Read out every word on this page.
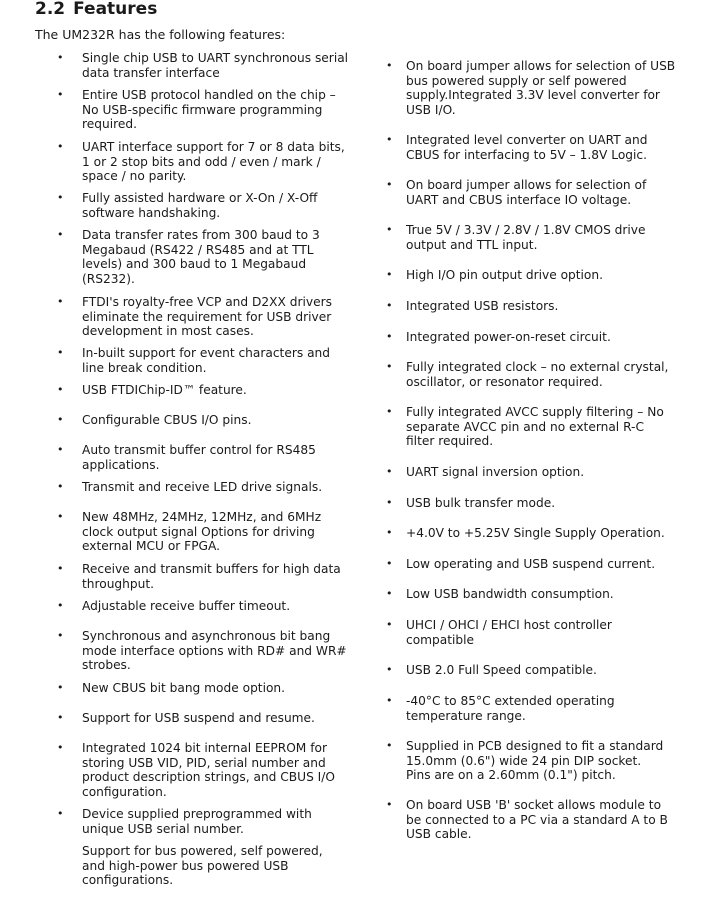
2.2 Features
The UM232R has the following features:
• Single chip USB to UART synchronous serial
data transfer interface
• Entire USB protocol handled on the chip –
No USB-specific firmware programming
required.
• UART interface support for 7 or 8 data bits,
1 or 2 stop bits and odd / even / mark /
space / no parity.
• Fully assisted hardware or X-On / X-Off
software handshaking.
• Data transfer rates from 300 baud to 3
Megabaud (RS422 / RS485 and at TTL
levels) and 300 baud to 1 Megabaud
(RS232).
• FTDI's royalty-free VCP and D2XX drivers
eliminate the requirement for USB driver
development in most cases.
• In-built support for event characters and
line break condition.
• USB FTDIChip-ID™ feature.
• Configurable CBUS I/O pins.
• Auto transmit buffer control for RS485
applications.
• Transmit and receive LED drive signals.
• New 48MHz, 24MHz, 12MHz, and 6MHz
clock output signal Options for driving
external MCU or FPGA.
• Receive and transmit buffers for high data
throughput.
• Adjustable receive buffer timeout.
• Synchronous and asynchronous bit bang
mode interface options with RD# and WR#
strobes.
• New CBUS bit bang mode option.
• Support for USB suspend and resume.
• Integrated 1024 bit internal EEPROM for
storing USB VID, PID, serial number and
product description strings, and CBUS I/O
configuration.
• Device supplied preprogrammed with
unique USB serial number.
Support for bus powered, self powered,
and high-power bus powered USB
configurations.
• On board jumper allows for selection of USB
bus powered supply or self powered
supply.Integrated 3.3V level converter for
USB I/O.
• Integrated level converter on UART and
CBUS for interfacing to 5V – 1.8V Logic.
• On board jumper allows for selection of
UART and CBUS interface IO voltage.
• True 5V / 3.3V / 2.8V / 1.8V CMOS drive
output and TTL input.
• High I/O pin output drive option.
• Integrated USB resistors.
• Integrated power-on-reset circuit.
• Fully integrated clock – no external crystal,
oscillator, or resonator required.
• Fully integrated AVCC supply filtering – No
separate AVCC pin and no external R-C
filter required.
• UART signal inversion option.
• USB bulk transfer mode.
• +4.0V to +5.25V Single Supply Operation.
• Low operating and USB suspend current.
• Low USB bandwidth consumption.
• UHCI / OHCI / EHCI host controller
compatible
• USB 2.0 Full Speed compatible.
• -40°C to 85°C extended operating
temperature range.
• Supplied in PCB designed to fit a standard
15.0mm (0.6") wide 24 pin DIP socket.
Pins are on a 2.60mm (0.1") pitch.
• On board USB 'B' socket allows module to
be connected to a PC via a standard A to B
USB cable.
